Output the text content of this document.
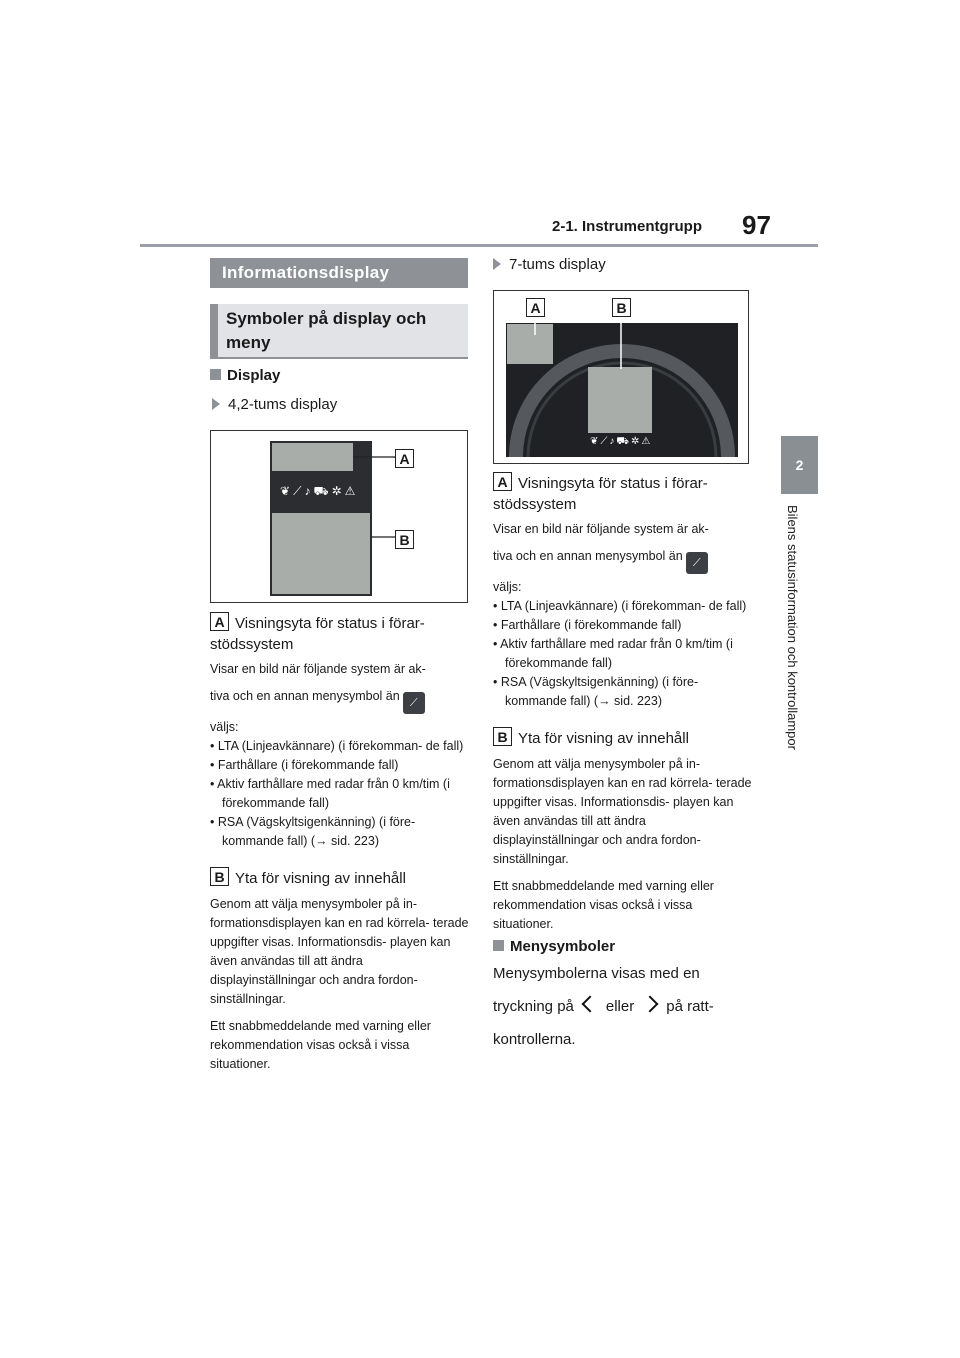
2-1. Instrumentgrupp 97
2
Bilens statusinformation och kontrollampor
Informationsdisplay
Symboler på display och meny
Display
4,2-tums display
❦⟋♪⛟✲⚠
A
B
A Visningsyta för status i förar- stödssystem

Visar en bild när följande system är ak-

tiva och en annan menysymbol än ⟋

väljs:

• LTA (Linjeavkännare) (i förekomman- de fall)

• Farthållare (i förekommande fall)

• Aktiv farthållare med radar från 0 km/tim (i förekommande fall)

• RSA (Vägskyltsigenkänning) (i före- kommande fall) (→ sid. 223)

B Yta för visning av innehåll

Genom att välja menysymboler på in- formationsdisplayen kan en rad körrela- terade uppgifter visas. Informationsdis- playen kan även användas till att ändra displayinställningar och andra fordon- sinställningar.

Ett snabbmeddelande med varning eller rekommendation visas också i vissa situationer.

7-tums display
❦⟋♪⛟✲⚠
A	B
A Visningsyta för status i förar- stödssystem

Visar en bild när följande system är ak-

tiva och en annan menysymbol än ⟋

väljs:

• LTA (Linjeavkännare) (i förekomman- de fall)

• Farthållare (i förekommande fall)

• Aktiv farthållare med radar från 0 km/tim (i förekommande fall)

• RSA (Vägskyltsigenkänning) (i före- kommande fall) (→ sid. 223)

B Yta för visning av innehåll

Genom att välja menysymboler på in- formationsdisplayen kan en rad körrela- terade uppgifter visas. Informationsdis- playen kan även användas till att ändra displayinställningar och andra fordon- sinställningar.

Ett snabbmeddelande med varning eller rekommendation visas också i vissa situationer.

Menysymboler
Menysymbolerna visas med en
tryckning på eller på ratt-
kontrollerna.
